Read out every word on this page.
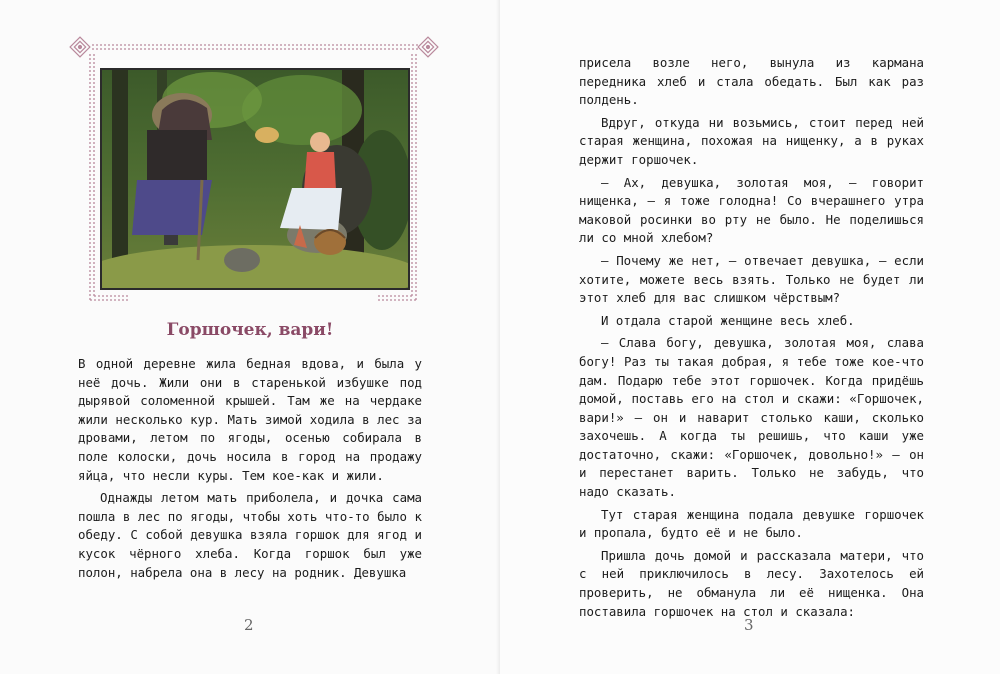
Горшочек, вари!

В одной деревне жила бедная вдова, и была у неё дочь. Жили они в старенькой избушке под дырявой соломенной крышей. Там же на чердаке жили несколько кур. Мать зимой ходила в лес за дровами, летом по ягоды, осенью собирала в поле колоски, дочь носила в город на продажу яйца, что несли куры. Тем кое-как и жили.

Однажды летом мать приболела, и дочка сама пошла в лес по ягоды, чтобы хоть что-то было к обеду. С собой девушка взяла горшок для ягод и кусок чёрного хлеба. Когда горшок был уже полон, набрела она в лесу на родник. Девушка

2

присела возле него, вынула из кармана передника хлеб и стала обедать. Был как раз полдень.

Вдруг, откуда ни возьмись, стоит перед ней старая женщина, похожая на нищенку, а в руках держит горшочек.

— Ах, девушка, золотая моя, — говорит нищенка, — я тоже голодна! Со вчерашнего утра маковой росинки во рту не было. Не поделишься ли со мной хлебом?

— Почему же нет, — отвечает девушка, — если хотите, можете весь взять. Только не будет ли этот хлеб для вас слишком чёрствым?

И отдала старой женщине весь хлеб.

— Слава богу, девушка, золотая моя, слава богу! Раз ты такая добрая, я тебе тоже кое-что дам. Подарю тебе этот горшочек. Когда придёшь домой, поставь его на стол и скажи: «Горшочек, вари!» — он и наварит столько каши, сколько захочешь. А когда ты решишь, что каши уже достаточно, скажи: «Горшочек, довольно!» — он и перестанет варить. Только не забудь, что надо сказать.

Тут старая женщина подала девушке горшочек и пропала, будто её и не было.

Пришла дочь домой и рассказала матери, что с ней приключилось в лесу. Захотелось ей проверить, не обманула ли её нищенка. Она поставила горшочек на стол и сказала:

3
